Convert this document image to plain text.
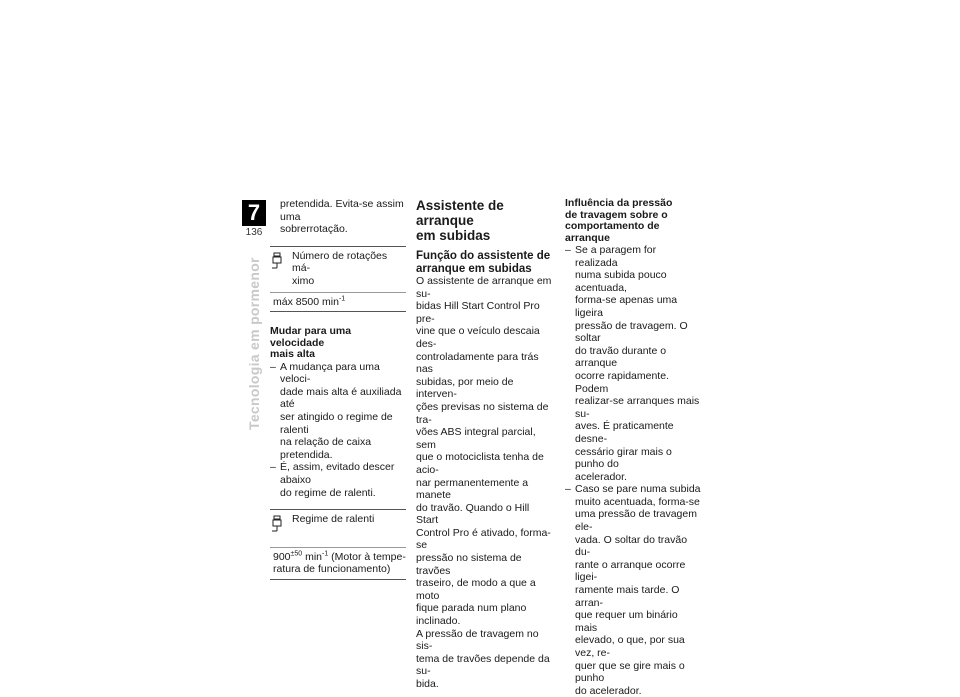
7
136
Tecnologia em pormenor

pretendida. Evita-se assim uma

sobrerrotação.

Número de rotações má-

ximo

máx 8500 $\min^{-1}$

Mudar para uma velocidade

mais alta

– A mudança para uma veloci-

dade mais alta é auxiliada até

ser atingido o regime de ralenti

na relação de caixa pretendida.

– É, assim, evitado descer abaixo

do regime de ralenti.

Regime de ralenti

$900^{\pm 50}$ $\min^{-1}$ (Motor à tempe-

ratura de funcionamento)

Assistente de arranque

em subidas

Função do assistente de

arranque em subidas

O assistente de arranque em su-

bidas Hill Start Control Pro pre-

vine que o veículo descaia des-

controladamente para trás nas

subidas, por meio de interven-

ções previsas no sistema de tra-

vões ABS integral parcial, sem

que o motociclista tenha de acio-

nar permanentemente a manete

do travão. Quando o Hill Start

Control Pro é ativado, forma-se

pressão no sistema de travões

traseiro, de modo a que a moto

fique parada num plano inclinado.

A pressão de travagem no sis-

tema de travões depende da su-

bida.

Influência da pressão

de travagem sobre o

comportamento de arranque

– Se a paragem for realizada

numa subida pouco acentuada,

forma-se apenas uma ligeira

pressão de travagem. O soltar

do travão durante o arranque

ocorre rapidamente. Podem

realizar-se arranques mais su-

aves. É praticamente desne-

cessário girar mais o punho do

acelerador.

– Caso se pare numa subida

muito acentuada, forma-se

uma pressão de travagem ele-

vada. O soltar do travão du-

rante o arranque ocorre ligei-

ramente mais tarde. O arran-

que requer um binário mais

elevado, o que, por sua vez, re-

quer que se gire mais o punho

do acelerador.
